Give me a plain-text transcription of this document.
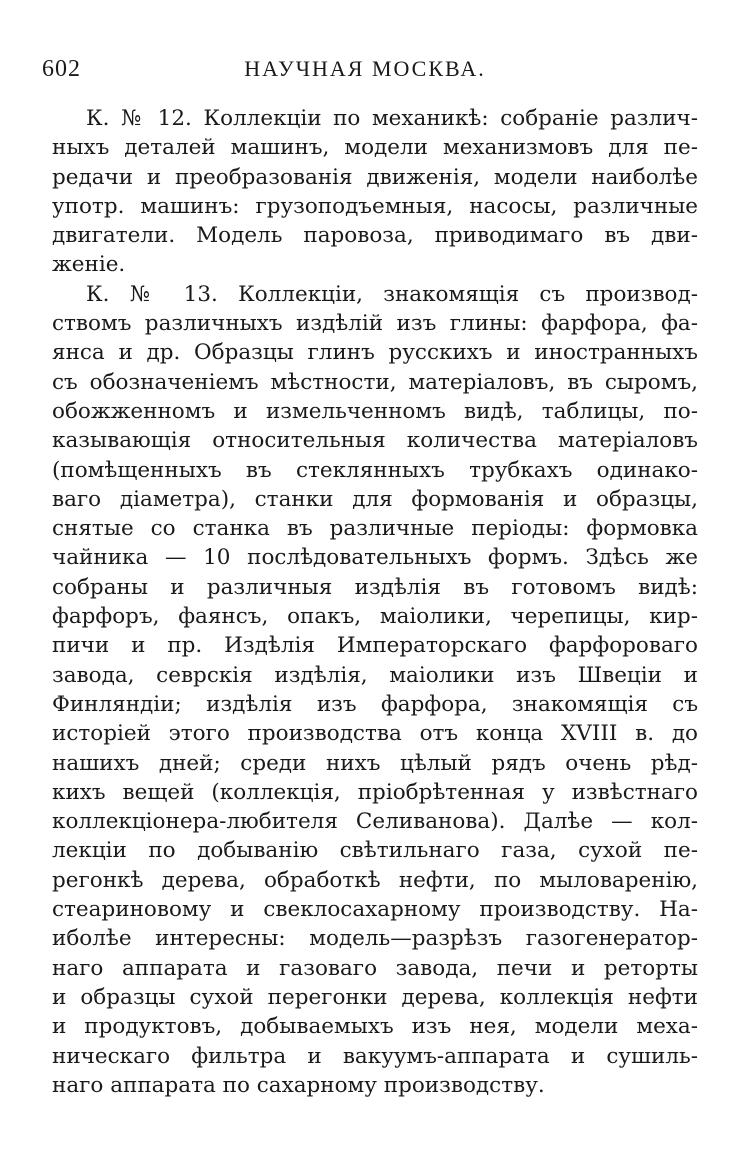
602	НАУЧНАЯ МОСКВА.
К. № 12. Коллекціи по механикѣ: собраніе различ-
ныхъ деталей машинъ, модели механизмовъ для пе-
редачи и преобразованія движенія, модели наиболѣе
употр. машинъ: грузоподъемныя, насосы, различные
двигатели. Модель паровоза, приводимаго въ дви-
женіе.
К. № 13. Коллекціи, знакомящія съ производ-
ствомъ различныхъ издѣлій изъ глины: фарфора, фа-
янса и др. Образцы глинъ русскихъ и иностранныхъ
съ обозначеніемъ мѣстности, матеріаловъ, въ сыромъ,
обожженномъ и измельченномъ видѣ, таблицы, по-
казывающія относительныя количества матеріаловъ
(помѣщенныхъ въ стеклянныхъ трубкахъ одинако-
ваго діаметра), станки для формованія и образцы,
снятые со станка въ различные періоды: формовка
чайника — 10 послѣдовательныхъ формъ. Здѣсь же
собраны и различныя издѣлія въ готовомъ видѣ:
фарфоръ, фаянсъ, опакъ, маіолики, черепицы, кир-
пичи и пр. Издѣлія Императорскаго фарфороваго
завода, севрскія издѣлія, маіолики изъ Швеціи и
Финляндіи; издѣлія изъ фарфора, знакомящія съ
исторіей этого производства отъ конца XVIII в. до
нашихъ дней; среди нихъ цѣлый рядъ очень рѣд-
кихъ вещей (коллекція, пріобрѣтенная у извѣстнаго
коллекціонера-любителя Селиванова). Далѣе — кол-
лекціи по добыванію свѣтильнаго газа, сухой пе-
регонкѣ дерева, обработкѣ нефти, по мыловаренію,
стеариновому и свеклосахарному производству. На-
иболѣе интересны: модель—разрѣзъ газогенератор-
наго аппарата и газоваго завода, печи и реторты
и образцы сухой перегонки дерева, коллекція нефти
и продуктовъ, добываемыхъ изъ нея, модели меха-
ническаго фильтра и вакуумъ-аппарата и сушиль-
наго аппарата по сахарному производству.
